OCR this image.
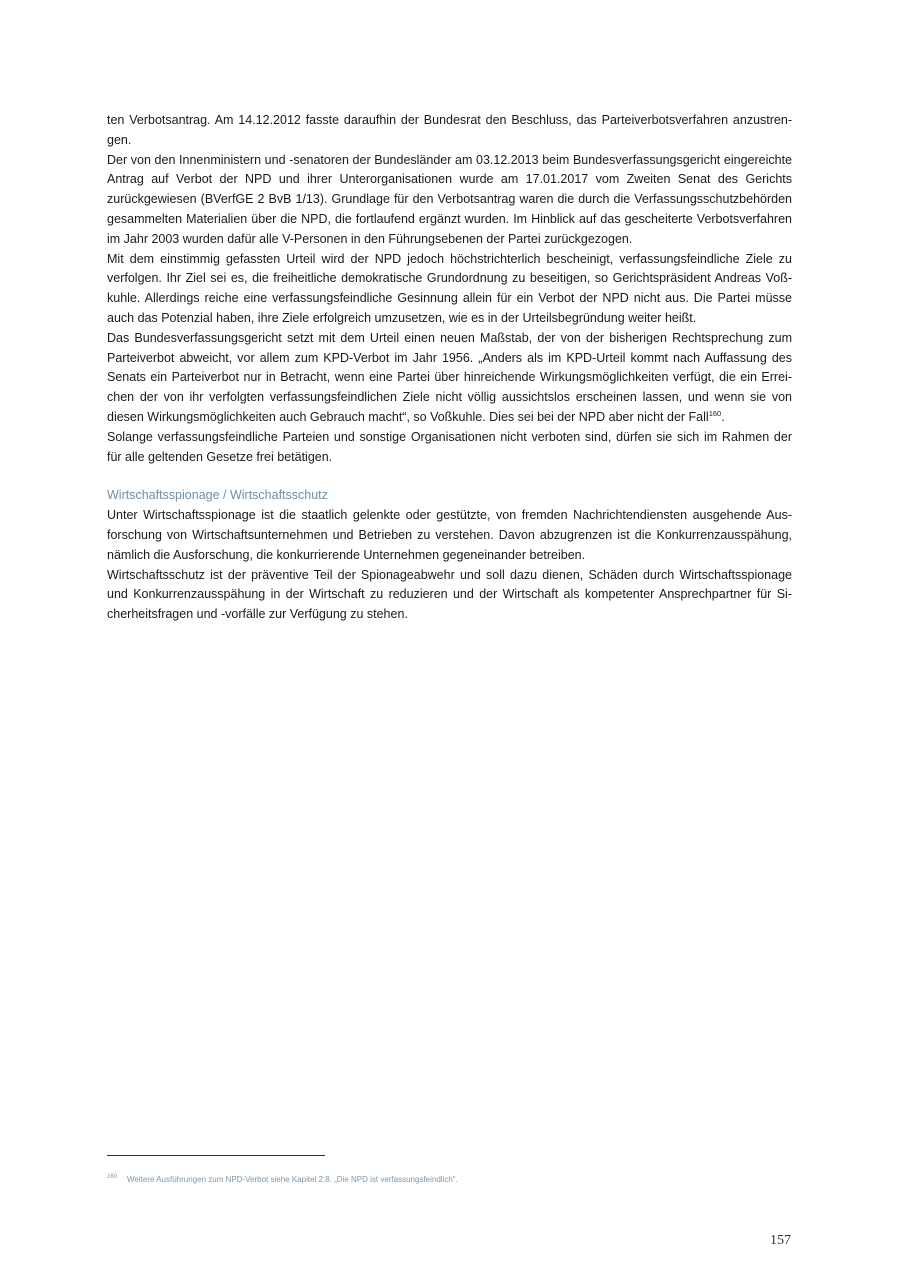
ten Verbotsantrag. Am 14.12.2012 fasste daraufhin der Bundesrat den Beschluss, das Parteiverbotsverfahren anzustrengen.

Der von den Innenministern und -senatoren der Bundesländer am 03.12.2013 beim Bundesverfassungsgericht eingereichte Antrag auf Verbot der NPD und ihrer Unterorganisationen wurde am 17.01.2017 vom Zweiten Senat des Gerichts zurückgewiesen (BVerfGE 2 BvB 1/13). Grundlage für den Verbotsantrag waren die durch die Verfassungsschutzbehörden gesammelten Materialien über die NPD, die fortlaufend ergänzt wurden. Im Hinblick auf das gescheiterte Verbotsverfahren im Jahr 2003 wurden dafür alle V-Personen in den Führungsebenen der Partei zurückgezogen.

Mit dem einstimmig gefassten Urteil wird der NPD jedoch höchstrichterlich bescheinigt, verfassungsfeindliche Ziele zu verfolgen. Ihr Ziel sei es, die freiheitliche demokratische Grundordnung zu beseitigen, so Gerichtspräsident Andreas Voßkuhle. Allerdings reiche eine verfassungsfeindliche Gesinnung allein für ein Verbot der NPD nicht aus. Die Partei müsse auch das Potenzial haben, ihre Ziele erfolgreich umzusetzen, wie es in der Urteilsbegründung weiter heißt.

Das Bundesverfassungsgericht setzt mit dem Urteil einen neuen Maßstab, der von der bisherigen Rechtsprechung zum Parteiverbot abweicht, vor allem zum KPD-Verbot im Jahr 1956. „Anders als im KPD-Urteil kommt nach Auffassung des Senats ein Parteiverbot nur in Betracht, wenn eine Partei über hinreichende Wirkungsmöglichkeiten verfügt, die ein Erreichen der von ihr verfolgten verfassungsfeindlichen Ziele nicht völlig aussichtslos erscheinen lassen, und wenn sie von diesen Wirkungsmöglichkeiten auch Gebrauch macht“, so Voßkuhle. Dies sei bei der NPD aber nicht der Fall$^{160}$.

Solange verfassungsfeindliche Parteien und sonstige Organisationen nicht verboten sind, dürfen sie sich im Rahmen der für alle geltenden Gesetze frei betätigen.

Wirtschaftsspionage / Wirtschaftsschutz

Unter Wirtschaftsspionage ist die staatlich gelenkte oder gestützte, von fremden Nachrichtendiensten ausgehende Ausforschung von Wirtschaftsunternehmen und Betrieben zu verstehen. Davon abzugrenzen ist die Konkurrenzausspähung, nämlich die Ausforschung, die konkurrierende Unternehmen gegeneinander betreiben.

Wirtschaftsschutz ist der präventive Teil der Spionageabwehr und soll dazu dienen, Schäden durch Wirtschaftsspionage und Konkurrenzausspähung in der Wirtschaft zu reduzieren und der Wirtschaft als kompetenter Ansprechpartner für Sicherheitsfragen und -vorfälle zur Verfügung zu stehen.

$^{160}$ Weitere Ausführungen zum NPD-Verbot siehe Kapitel 2.8. „Die NPD ist verfassungsfeindlich“.
157
